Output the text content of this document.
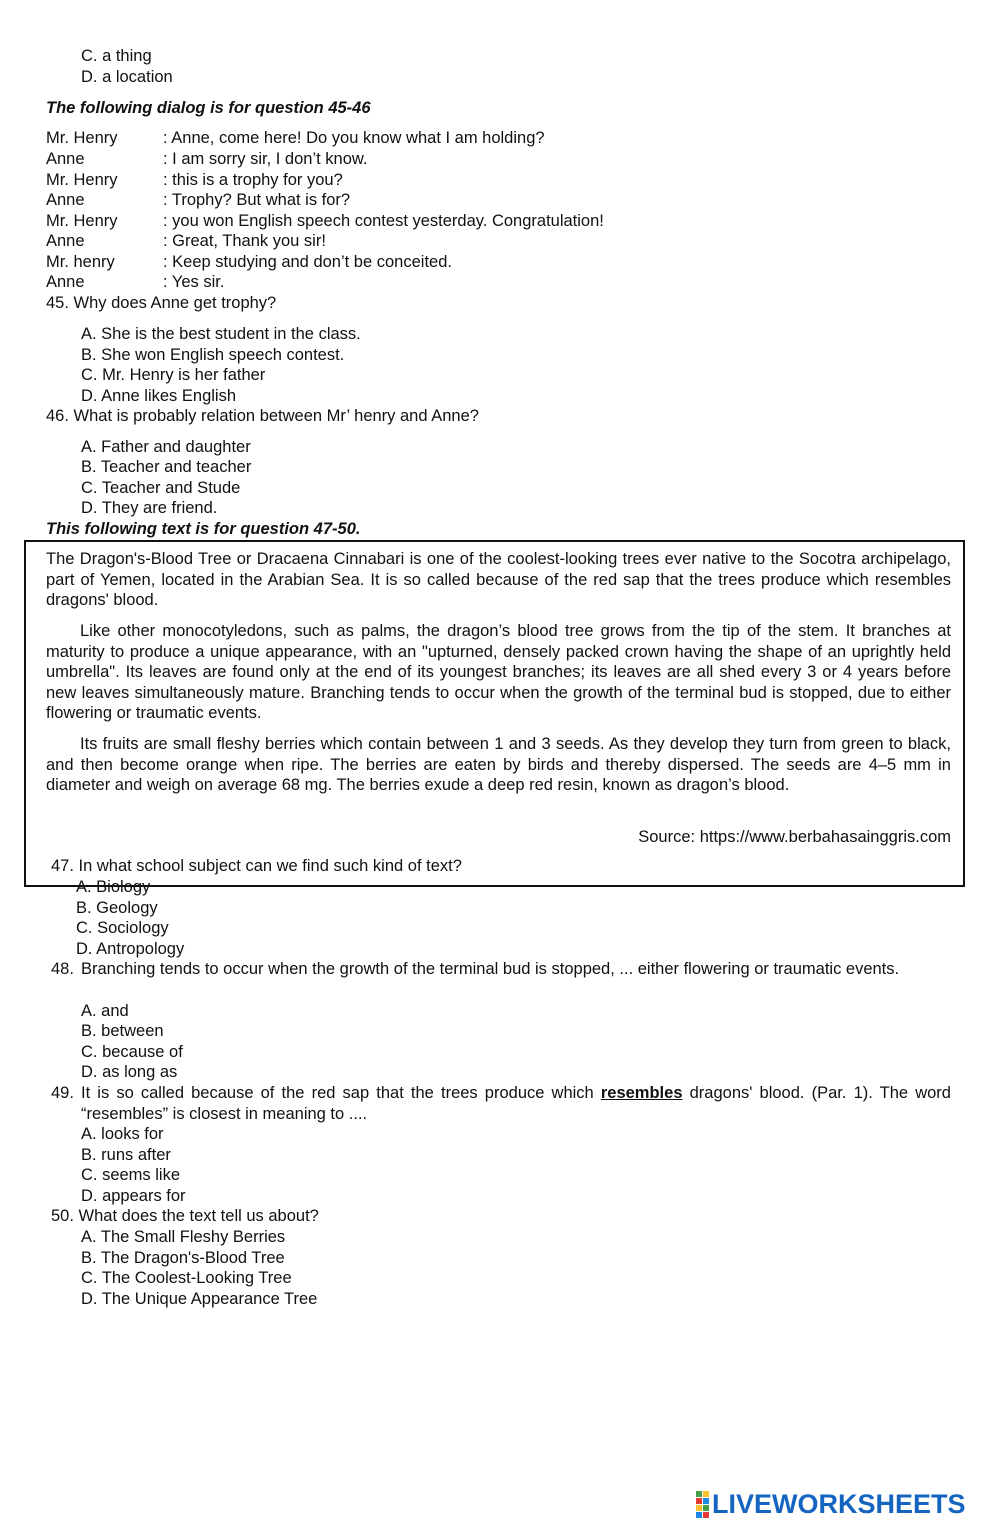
C. a thing
D. a location
The following dialog is for question 45-46
Mr. Henry	: Anne, come here! Do you know what I am holding?
Anne	: I am sorry sir, I don’t know.
Mr. Henry	: this is a trophy for you?
Anne	: Trophy? But what is for?
Mr. Henry	: you won English speech contest yesterday. Congratulation!
Anne	: Great, Thank you sir!
Mr. henry	: Keep studying and don’t be conceited.
Anne	: Yes sir.
45. Why does Anne get trophy?
A. She is the best student in the class.
B. She won English speech contest.
C. Mr. Henry is her father
D. Anne likes English
46. What is probably relation between Mr’ henry and Anne?
A. Father and daughter
B. Teacher and teacher
C. Teacher and Stude
D. They are friend.
This following text is for question 47-50.
The Dragon's-Blood Tree or Dracaena Cinnabari is one of the coolest-looking trees ever native to the Socotra archipelago, part of Yemen, located in the Arabian Sea. It is so called because of the red sap that the trees produce which resembles dragons' blood.
Like other monocotyledons, such as palms, the dragon’s blood tree grows from the tip of the stem. It branches at maturity to produce a unique appearance, with an "upturned, densely packed crown having the shape of an uprightly held umbrella". Its leaves are found only at the end of its youngest branches; its leaves are all shed every 3 or 4 years before new leaves simultaneously mature. Branching tends to occur when the growth of the terminal bud is stopped, due to either flowering or traumatic events.
Its fruits are small fleshy berries which contain between 1 and 3 seeds. As they develop they turn from green to black, and then become orange when ripe. The berries are eaten by birds and thereby dispersed. The seeds are 4–5 mm in diameter and weigh on average 68 mg. The berries exude a deep red resin, known as dragon’s blood.
Source: https://www.berbahasainggris.com
47. In what school subject can we find such kind of text?
A. Biology
B. Geology
C. Sociology
D. Antropology
48. Branching tends to occur when the growth of the terminal bud is stopped, ... either flowering or traumatic events.
A. and
B. between
C. because of
D. as long as
49. It is so called because of the red sap that the trees produce which resembles dragons' blood. (Par. 1). The word “resembles” is closest in meaning to ....
A. looks for
B. runs after
C. seems like
D. appears for
50. What does the text tell us about?
A. The Small Fleshy Berries
B. The Dragon's-Blood Tree
C. The Coolest-Looking Tree
D. The Unique Appearance Tree
LIVEWORKSHEETS
